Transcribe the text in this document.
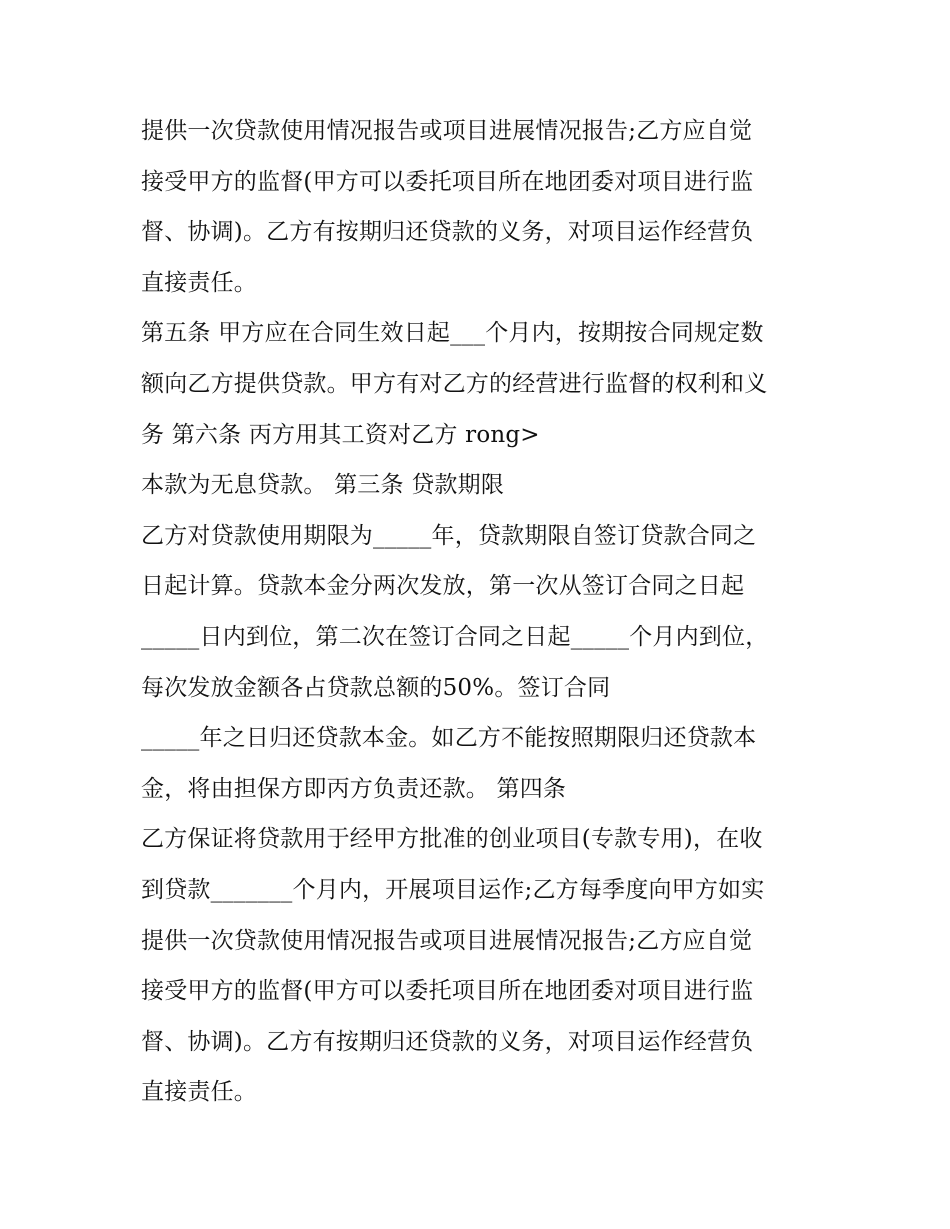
提供一次贷款使用情况报告或项目进展情况报告;乙方应自觉
接受甲方的监督(甲方可以委托项目所在地团委对项目进行监
督、协调)。乙方有按期归还贷款的义务，对项目运作经营负
直接责任。
第五条 甲方应在合同生效日起___个月内，按期按合同规定数
额向乙方提供贷款。甲方有对乙方的经营进行监督的权利和义
务 第六条 丙方用其工资对乙方 rong>
本款为无息贷款。 第三条 贷款期限
乙方对贷款使用期限为_____年，贷款期限自签订贷款合同之
日起计算。贷款本金分两次发放，第一次从签订合同之日起
_____日内到位，第二次在签订合同之日起_____个月内到位，
每次发放金额各占贷款总额的50%。签订合同
_____年之日归还贷款本金。如乙方不能按照期限归还贷款本
金，将由担保方即丙方负责还款。 第四条
乙方保证将贷款用于经甲方批准的创业项目(专款专用)，在收
到贷款_______个月内，开展项目运作;乙方每季度向甲方如实
提供一次贷款使用情况报告或项目进展情况报告;乙方应自觉
接受甲方的监督(甲方可以委托项目所在地团委对项目进行监
督、协调)。乙方有按期归还贷款的义务，对项目运作经营负
直接责任。
